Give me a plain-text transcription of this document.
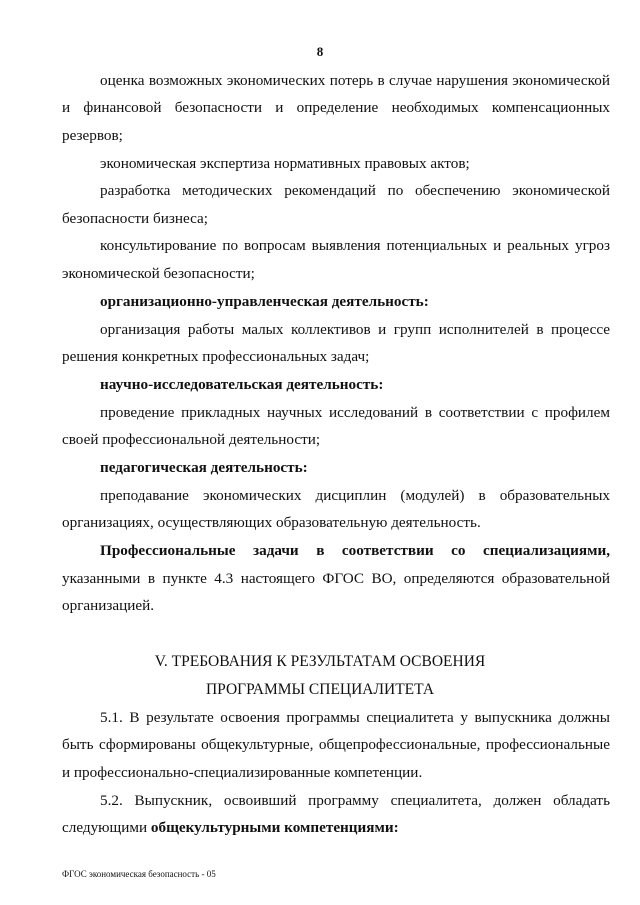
8
оценка возможных экономических потерь в случае нарушения экономической
и финансовой безопасности и определение необходимых компенсационных
резервов;
экономическая экспертиза нормативных правовых актов;
разработка методических рекомендаций по обеспечению экономической
безопасности бизнеса;
консультирование по вопросам выявления потенциальных и реальных угроз
экономической безопасности;
организационно-управленческая деятельность:
организация работы малых коллективов и групп исполнителей в процессе
решения конкретных профессиональных задач;
научно-исследовательская деятельность:
проведение прикладных научных исследований в соответствии с профилем
своей профессиональной деятельности;
педагогическая деятельность:
преподавание экономических дисциплин (модулей) в образовательных
организациях, осуществляющих образовательную деятельность.
Профессиональные задачи в соответствии со специализациями,
указанными в пункте 4.3 настоящего ФГОС ВО, определяются образовательной
организацией.
V. ТРЕБОВАНИЯ К РЕЗУЛЬТАТАМ ОСВОЕНИЯ
ПРОГРАММЫ СПЕЦИАЛИТЕТА
5.1. В результате освоения программы специалитета у выпускника должны
быть сформированы общекультурные, общепрофессиональные, профессиональные
и профессионально-специализированные компетенции.
5.2. Выпускник, освоивший программу специалитета, должен обладать
следующими общекультурными компетенциями:
ФГОС экономическая безопасность - 05
